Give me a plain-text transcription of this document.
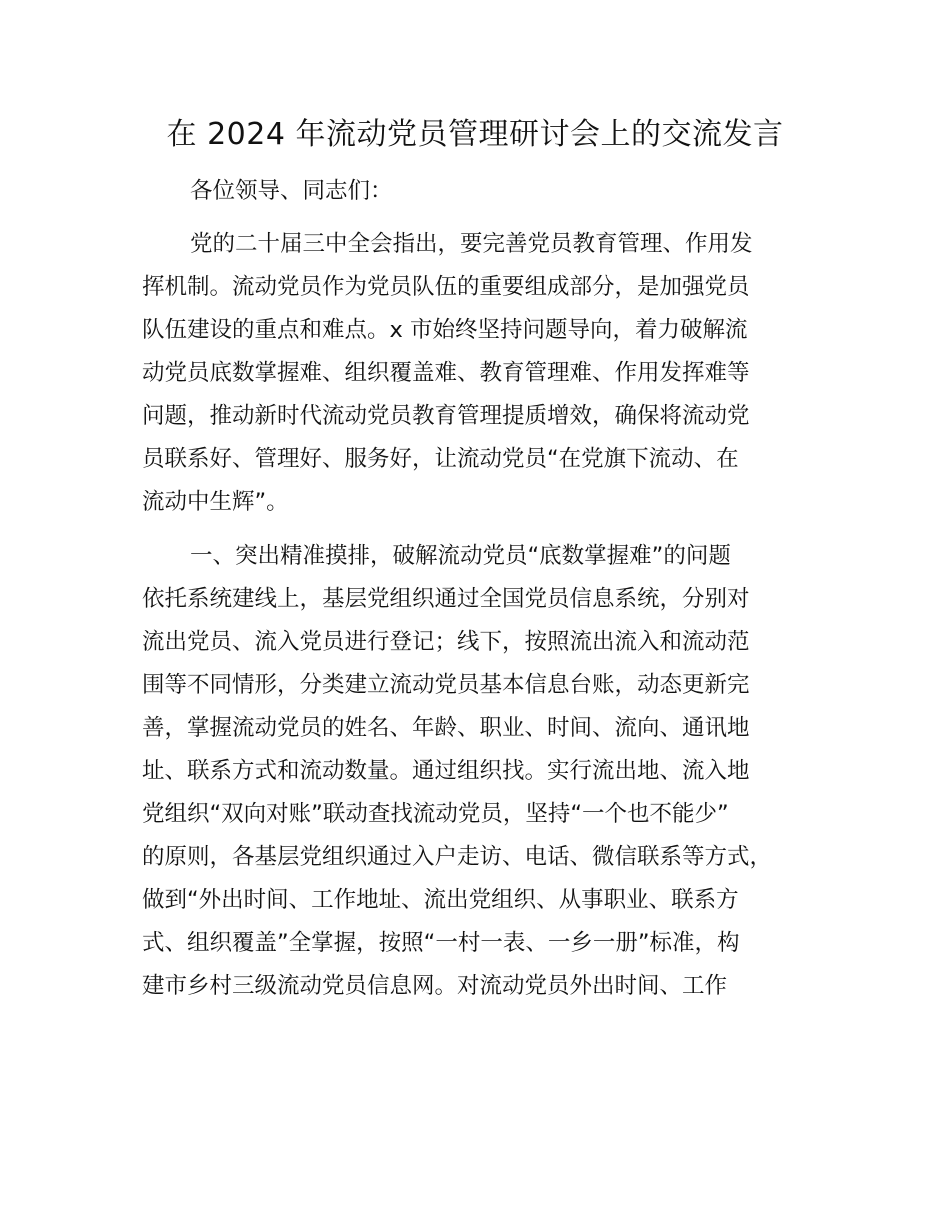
在 2024 年流动党员管理研讨会上的交流发言
各位领导、同志们：
党的二十届三中全会指出，要完善党员教育管理、作用发
挥机制。流动党员作为党员队伍的重要组成部分，是加强党员
队伍建设的重点和难点。x 市始终坚持问题导向，着力破解流
动党员底数掌握难、组织覆盖难、教育管理难、作用发挥难等
问题，推动新时代流动党员教育管理提质增效，确保将流动党
员联系好、管理好、服务好，让流动党员“在党旗下流动、在
流动中生辉”。
一、突出精准摸排，破解流动党员“底数掌握难”的问题
依托系统建线上，基层党组织通过全国党员信息系统，分别对
流出党员、流入党员进行登记；线下，按照流出流入和流动范
围等不同情形，分类建立流动党员基本信息台账，动态更新完
善，掌握流动党员的姓名、年龄、职业、时间、流向、通讯地
址、联系方式和流动数量。通过组织找。实行流出地、流入地
党组织“双向对账”联动查找流动党员，坚持“一个也不能少”
的原则，各基层党组织通过入户走访、电话、微信联系等方式，
做到“外出时间、工作地址、流出党组织、从事职业、联系方
式、组织覆盖”全掌握，按照“一村一表、一乡一册”标准，构
建市乡村三级流动党员信息网。对流动党员外出时间、工作
